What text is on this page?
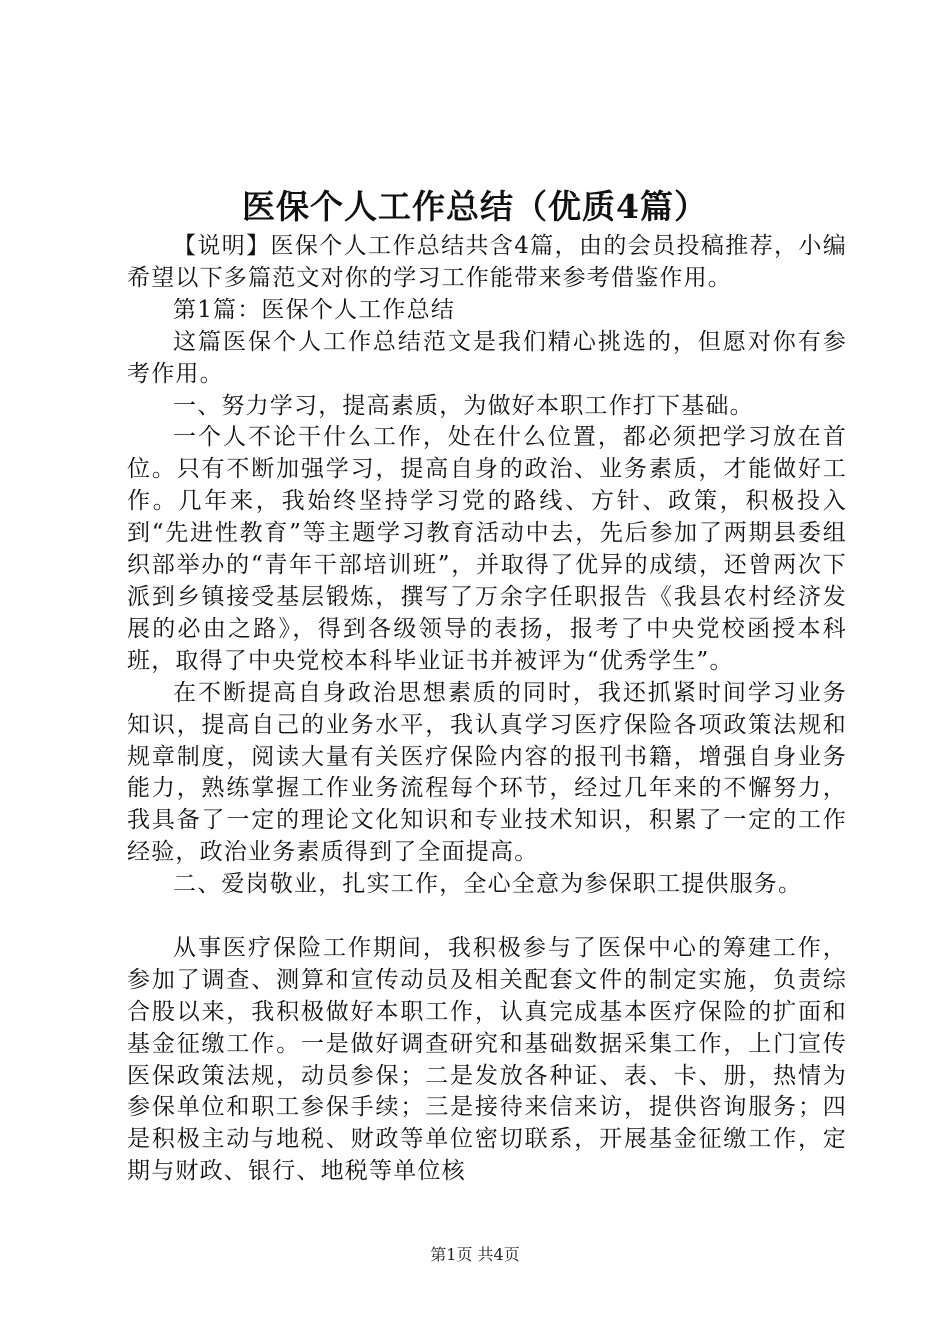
医保个人工作总结（优质4篇）

【说明】医保个人工作总结共含4篇，由的会员投稿推荐，小编希望以下多篇范文对你的学习工作能带来参考借鉴作用。

第1篇：医保个人工作总结

这篇医保个人工作总结范文是我们精心挑选的，但愿对你有参考作用。

一、努力学习，提高素质，为做好本职工作打下基础。

一个人不论干什么工作，处在什么位置，都必须把学习放在首位。只有不断加强学习，提高自身的政治、业务素质，才能做好工作。几年来，我始终坚持学习党的路线、方针、政策，积极投入到“先进性教育”等主题学习教育活动中去，先后参加了两期县委组织部举办的“青年干部培训班”，并取得了优异的成绩，还曾两次下派到乡镇接受基层锻炼，撰写了万余字任职报告《我县农村经济发展的必由之路》，得到各级领导的表扬，报考了中央党校函授本科班，取得了中央党校本科毕业证书并被评为“优秀学生”。

在不断提高自身政治思想素质的同时，我还抓紧时间学习业务知识，提高自己的业务水平，我认真学习医疗保险各项政策法规和规章制度，阅读大量有关医疗保险内容的报刊书籍，增强自身业务能力，熟练掌握工作业务流程每个环节，经过几年来的不懈努力，我具备了一定的理论文化知识和专业技术知识，积累了一定的工作经验，政治业务素质得到了全面提高。

二、爱岗敬业，扎实工作，全心全意为参保职工提供服务。

从事医疗保险工作期间，我积极参与了医保中心的筹建工作，参加了调查、测算和宣传动员及相关配套文件的制定实施，负责综合股以来，我积极做好本职工作，认真完成基本医疗保险的扩面和基金征缴工作。一是做好调查研究和基础数据采集工作，上门宣传医保政策法规，动员参保；二是发放各种证、表、卡、册，热情为参保单位和职工参保手续；三是接待来信来访，提供咨询服务；四是积极主动与地税、财政等单位密切联系，开展基金征缴工作，定期与财政、银行、地税等单位核

第1页 共4页
